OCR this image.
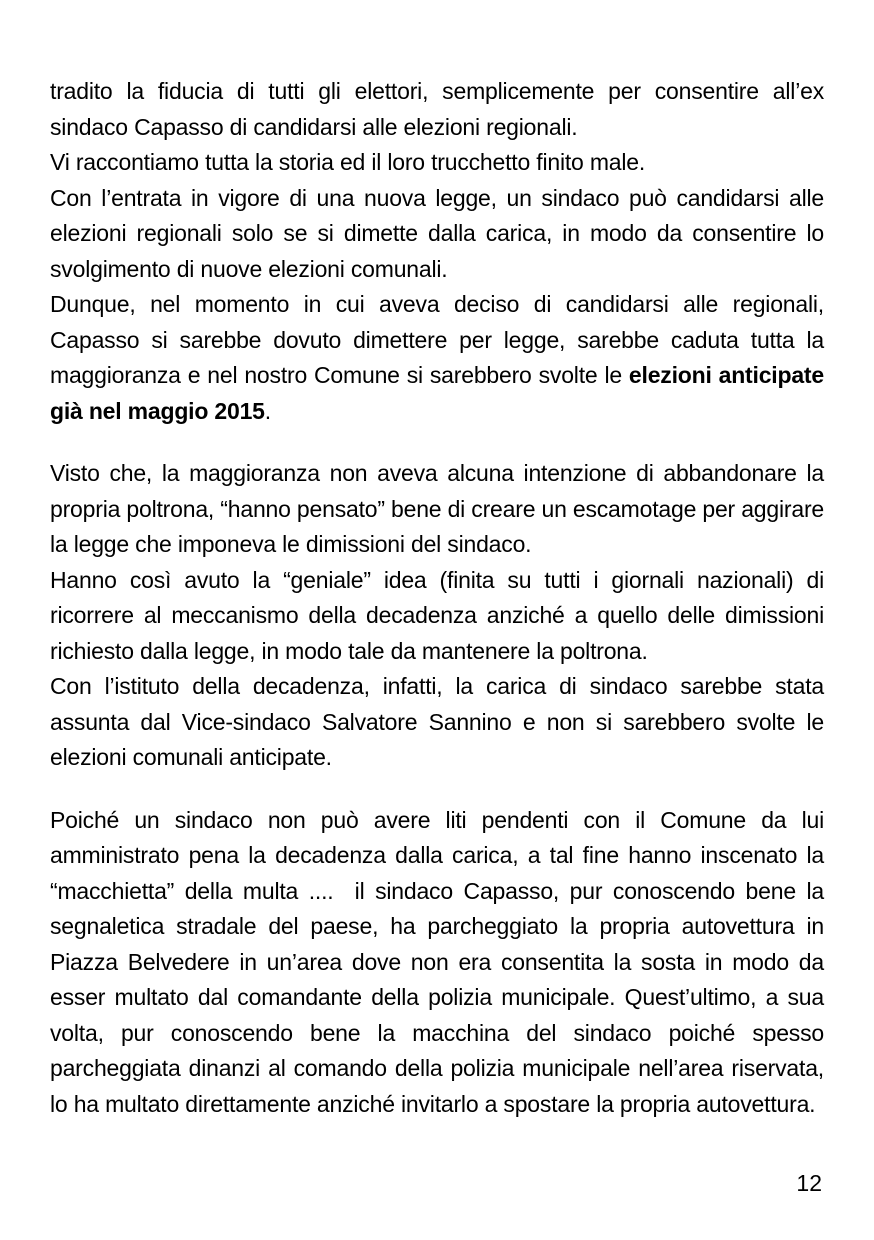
tradito la fiducia di tutti gli elettori, semplicemente per consentire all’ex sindaco Capasso di candidarsi alle elezioni regionali.

Vi raccontiamo tutta la storia ed il loro trucchetto finito male.

Con l’entrata in vigore di una nuova legge, un sindaco può candidarsi alle elezioni regionali solo se si dimette dalla carica, in modo da consentire lo svolgimento di nuove elezioni comunali.

Dunque, nel momento in cui aveva deciso di candidarsi alle regionali, Capasso si sarebbe dovuto dimettere per legge, sarebbe caduta tutta la maggioranza e nel nostro Comune si sarebbero svolte le elezioni anticipate già nel maggio 2015.

Visto che, la maggioranza non aveva alcuna intenzione di abbandonare la propria poltrona, “hanno pensato” bene di creare un escamotage per aggirare la legge che imponeva le dimissioni del sindaco.

Hanno così avuto la “geniale” idea (finita su tutti i giornali nazionali) di ricorrere al meccanismo della decadenza anziché a quello delle dimissioni richiesto dalla legge, in modo tale da mantenere la poltrona.

Con l’istituto della decadenza, infatti, la carica di sindaco sarebbe stata assunta dal Vice-sindaco Salvatore Sannino e non si sarebbero svolte le elezioni comunali anticipate.

Poiché un sindaco non può avere liti pendenti con il Comune da lui amministrato pena la decadenza dalla carica, a tal fine hanno inscenato la “macchietta” della multa ....  il sindaco Capasso, pur conoscendo bene la segnaletica stradale del paese, ha parcheggiato la propria autovettura in Piazza Belvedere in un’area dove non era consentita la sosta in modo da esser multato dal comandante della polizia municipale. Quest’ultimo, a sua volta, pur conoscendo bene la macchina del sindaco poiché spesso parcheggiata dinanzi al comando della polizia municipale nell’area riservata, lo ha multato direttamente anziché invitarlo a spostare la propria autovettura.

12
